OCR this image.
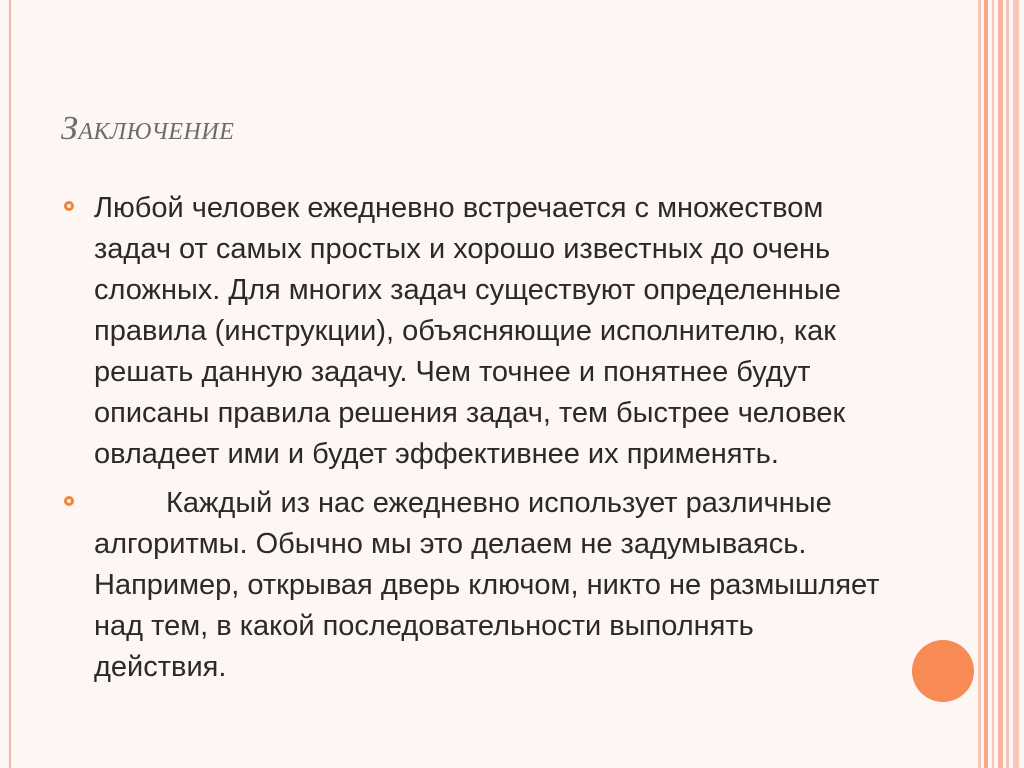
Заключение
Любой человек ежедневно встречается с множеством задач от самых простых и хорошо известных до очень сложных. Для многих задач существуют определенные правила (инструкции), объясняющие исполнителю, как решать данную задачу. Чем точнее и понятнее будут описаны правила решения задач, тем быстрее человек овладеет ими и будет эффективнее их применять.
Каждый из нас ежедневно использует различные алгоритмы. Обычно мы это делаем не задумываясь. Например, открывая дверь ключом, никто не размышляет над тем, в какой последовательности выполнять действия.
